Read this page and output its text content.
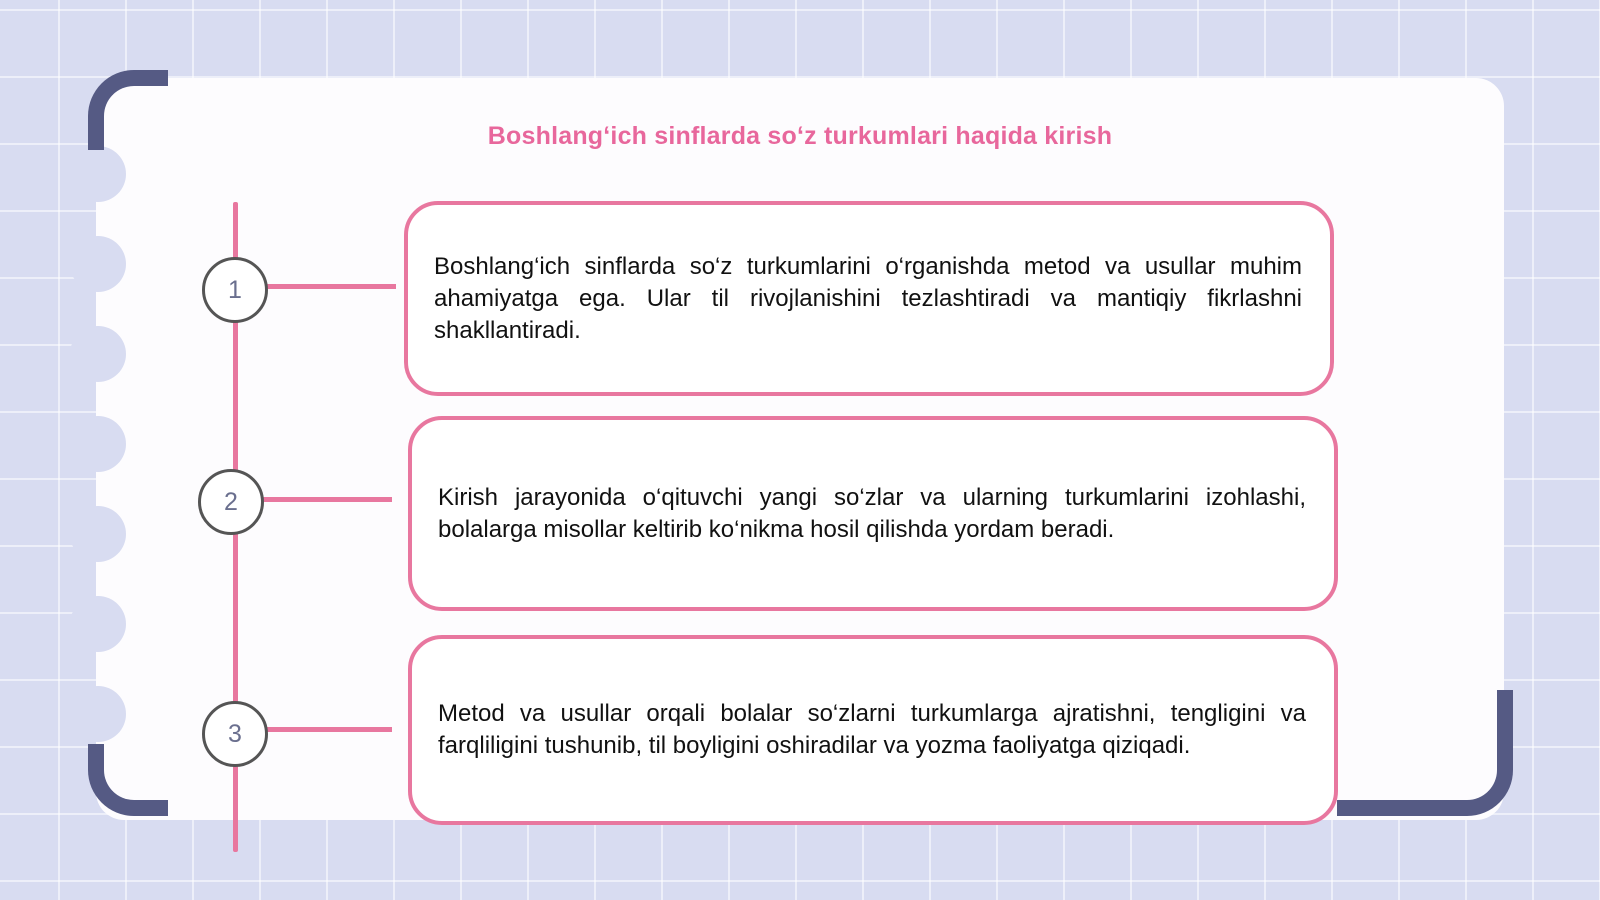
Boshlang‘ich sinflarda so‘z turkumlari haqida kirish
1
Boshlang‘ich sinflarda so‘z turkumlarini o‘rganishda metod va usullar muhim ahamiyatga ega. Ular til rivojlanishini tezlashtiradi va mantiqiy fikrlashni shakllantiradi.
2	Kirish jarayonida o‘qituvchi yangi so‘zlar va ularning turkumlarini izohlashi, bolalarga misollar keltirib ko‘nikma hosil qilishda yordam beradi.
3
Metod va usullar orqali bolalar so‘zlarni turkumlarga ajratishni, tengligini va farqliligini tushunib, til boyligini oshiradilar va yozma faoliyatga qiziqadi.
